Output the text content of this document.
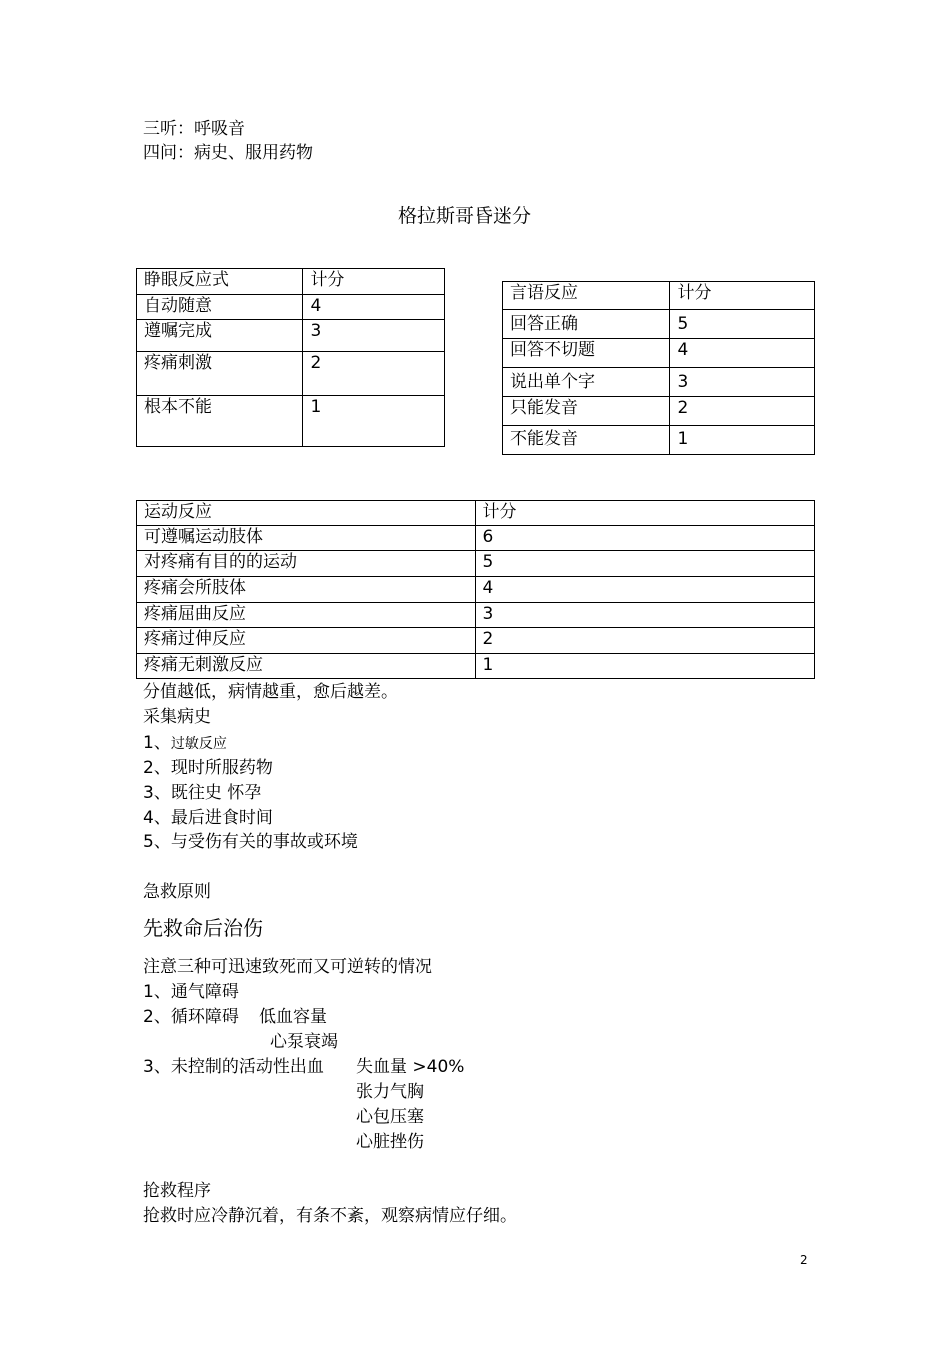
三听：呼吸音
四问：病史、服用药物
格拉斯哥昏迷分
睁眼反应式	计分
自动随意	4
遵嘱完成	3
疼痛刺激	2
根本不能	1
言语反应	计分
回答正确	5
回答不切题	4
说出单个字	3
只能发音	2
不能发音	1
运动反应	计分
可遵嘱运动肢体	6
对疼痛有目的的运动	5
疼痛会所肢体	4
疼痛屈曲反应	3
疼痛过伸反应	2
疼痛无刺激反应	1
分值越低，病情越重，愈后越差。
采集病史
1、过敏反应
2、现时所服药物
3、既往史 怀孕
4、最后进食时间
5、与受伤有关的事故或环境
急救原则
先救命后治伤
注意三种可迅速致死而又可逆转的情况
1、通气障碍
2、循环障碍 低血容量
心泵衰竭
3、未控制的活动性出血 失血量 >40%
张力气胸
心包压塞
心脏挫伤
抢救程序
抢救时应冷静沉着，有条不紊，观察病情应仔细。
2
